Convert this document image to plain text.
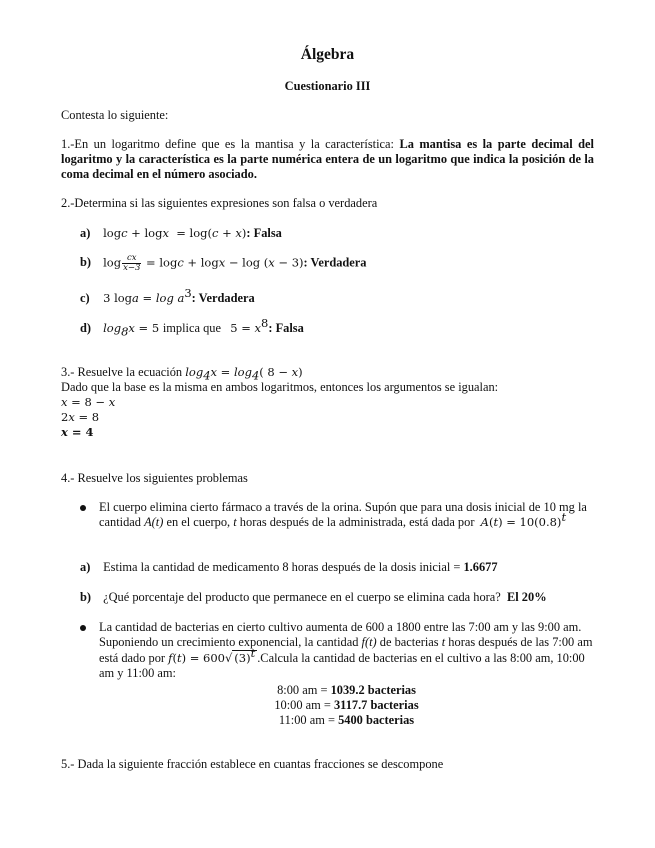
Álgebra
Cuestionario III
Contesta lo siguiente:
1.-En un logaritmo define que es la mantisa y la característica: La mantisa es la parte decimal del logaritmo y la característica es la parte numérica entera de un logaritmo que indica la posición de la coma decimal en el número asociado.
2.-Determina si las siguientes expresiones son falsa o verdadera
a) logc + logx  = log(c + x): Falsa
b) $\log \frac{cx}{x-3} = \log c + \log x - \log (x - 3)$: Verdadera
c) 3 $\log a = \log a^3$: Verdadera
d) $\log_8x = 5$ implica que $5 = x^8$: Falsa
3.- Resuelve la ecuación $\log_4x = \log_4$( 8 − x)
Dado que la base es la misma en ambos logaritmos, entonces los argumentos se igualan:
x = 8 − x
2x = 8
x = 4
4.- Resuelve los siguientes problemas
El cuerpo elimina cierto fármaco a través de la orina. Supón que para una dosis inicial de 10 mg la cantidad A(t) en el cuerpo, t horas después de la administrada, está dada por $A(t) = 10(0.8)^t$
a) Estima la cantidad de medicamento 8 horas después de la dosis inicial = 1.6677
b) ¿Qué porcentaje del producto que permanece en el cuerpo se elimina cada hora? El 20%
La cantidad de bacterias en cierto cultivo aumenta de 600 a 1800 entre las 7:00 am y las 9:00 am. Suponiendo un crecimiento exponencial, la cantidad f(t) de bacterias t horas después de las 7:00 am está dado por f(t) = 600√ $(3)^t$ .Calcula la cantidad de bacterias en el cultivo a las 8:00 am, 10:00 am y 11:00 am:
8:00 am = 1039.2 bacterias
10:00 am = 3117.7 bacterias
11:00 am = 5400 bacterias
5.- Dada la siguiente fracción establece en cuantas fracciones se descompone
